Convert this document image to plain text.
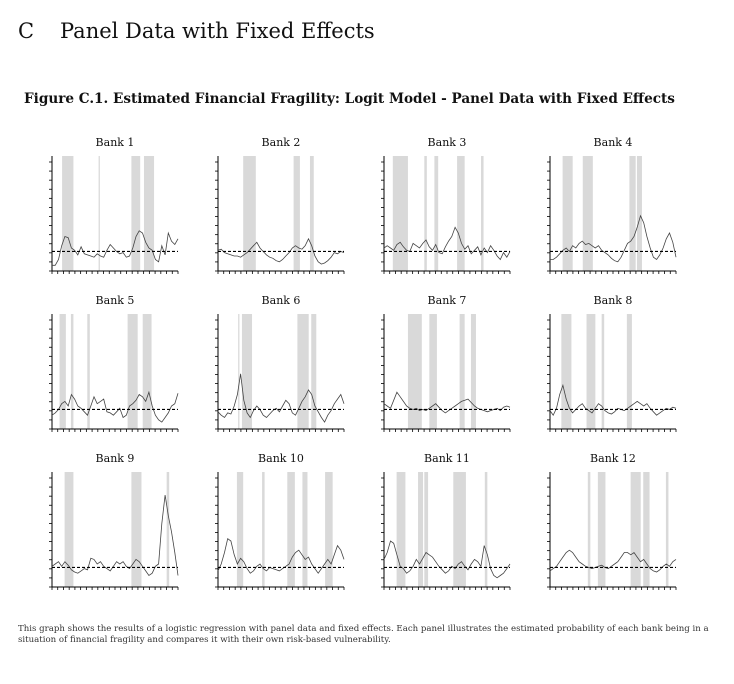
C Panel Data with Fixed Effects
Figure C.1. Estimated Financial Fragility: Logit Model - Panel Data with Fixed Effects
Bank 1	Bank 2	Bank 3	Bank 4
Bank 5	Bank 6	Bank 7	Bank 8
Bank 9	Bank 10	Bank 11	Bank 12

This graph shows the results of a logistic regression with panel data and fixed effects. Each panel illustrates the estimated probability of each bank being in a situation of financial fragility and compares it with their own risk-based vulnerability.
